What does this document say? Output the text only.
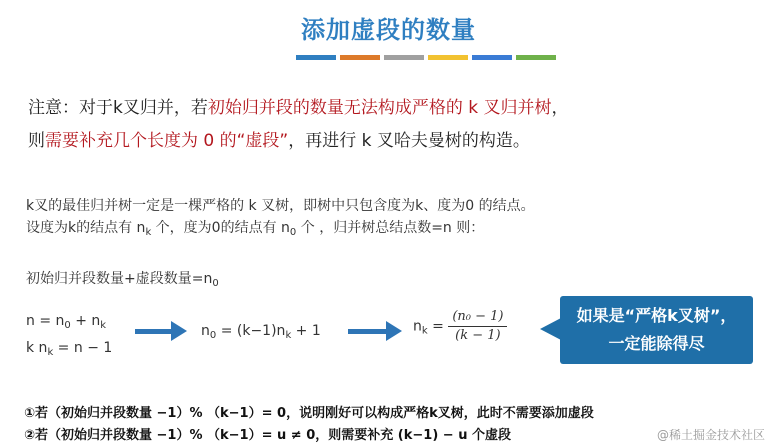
添加虚段的数量
注意：对于k叉归并，若初始归并段的数量无法构成严格的 k 叉归并树，
则需要补充几个长度为 0 的“虚段”，再进行 k 叉哈夫曼树的构造。
k叉的最佳归并树一定是一棵严格的 k 叉树，即树中只包含度为k、度为0 的结点。
设度为k的结点有 $n_k$ 个，度为0的结点有 $n_0$ 个 ，归并树总结点数=n 则：
初始归并段数量+虚段数量$=n_0$
$n = n_0 + n_k$
k $n_k = n - 1$
$n_0 = (k-1)n_k + 1$	$n_k = \frac{\text{(n₀ − 1)}}{(k - 1)}$	如果是“严格k叉树”，
一定能除得尽
①若（初始归并段数量 −1）% （k−1）= 0，说明刚好可以构成严格k叉树，此时不需要添加虚段
②若（初始归并段数量 −1）% （k−1）= u ≠ 0，则需要补充 (k−1) − u 个虚段	@稀土掘金技术社区
